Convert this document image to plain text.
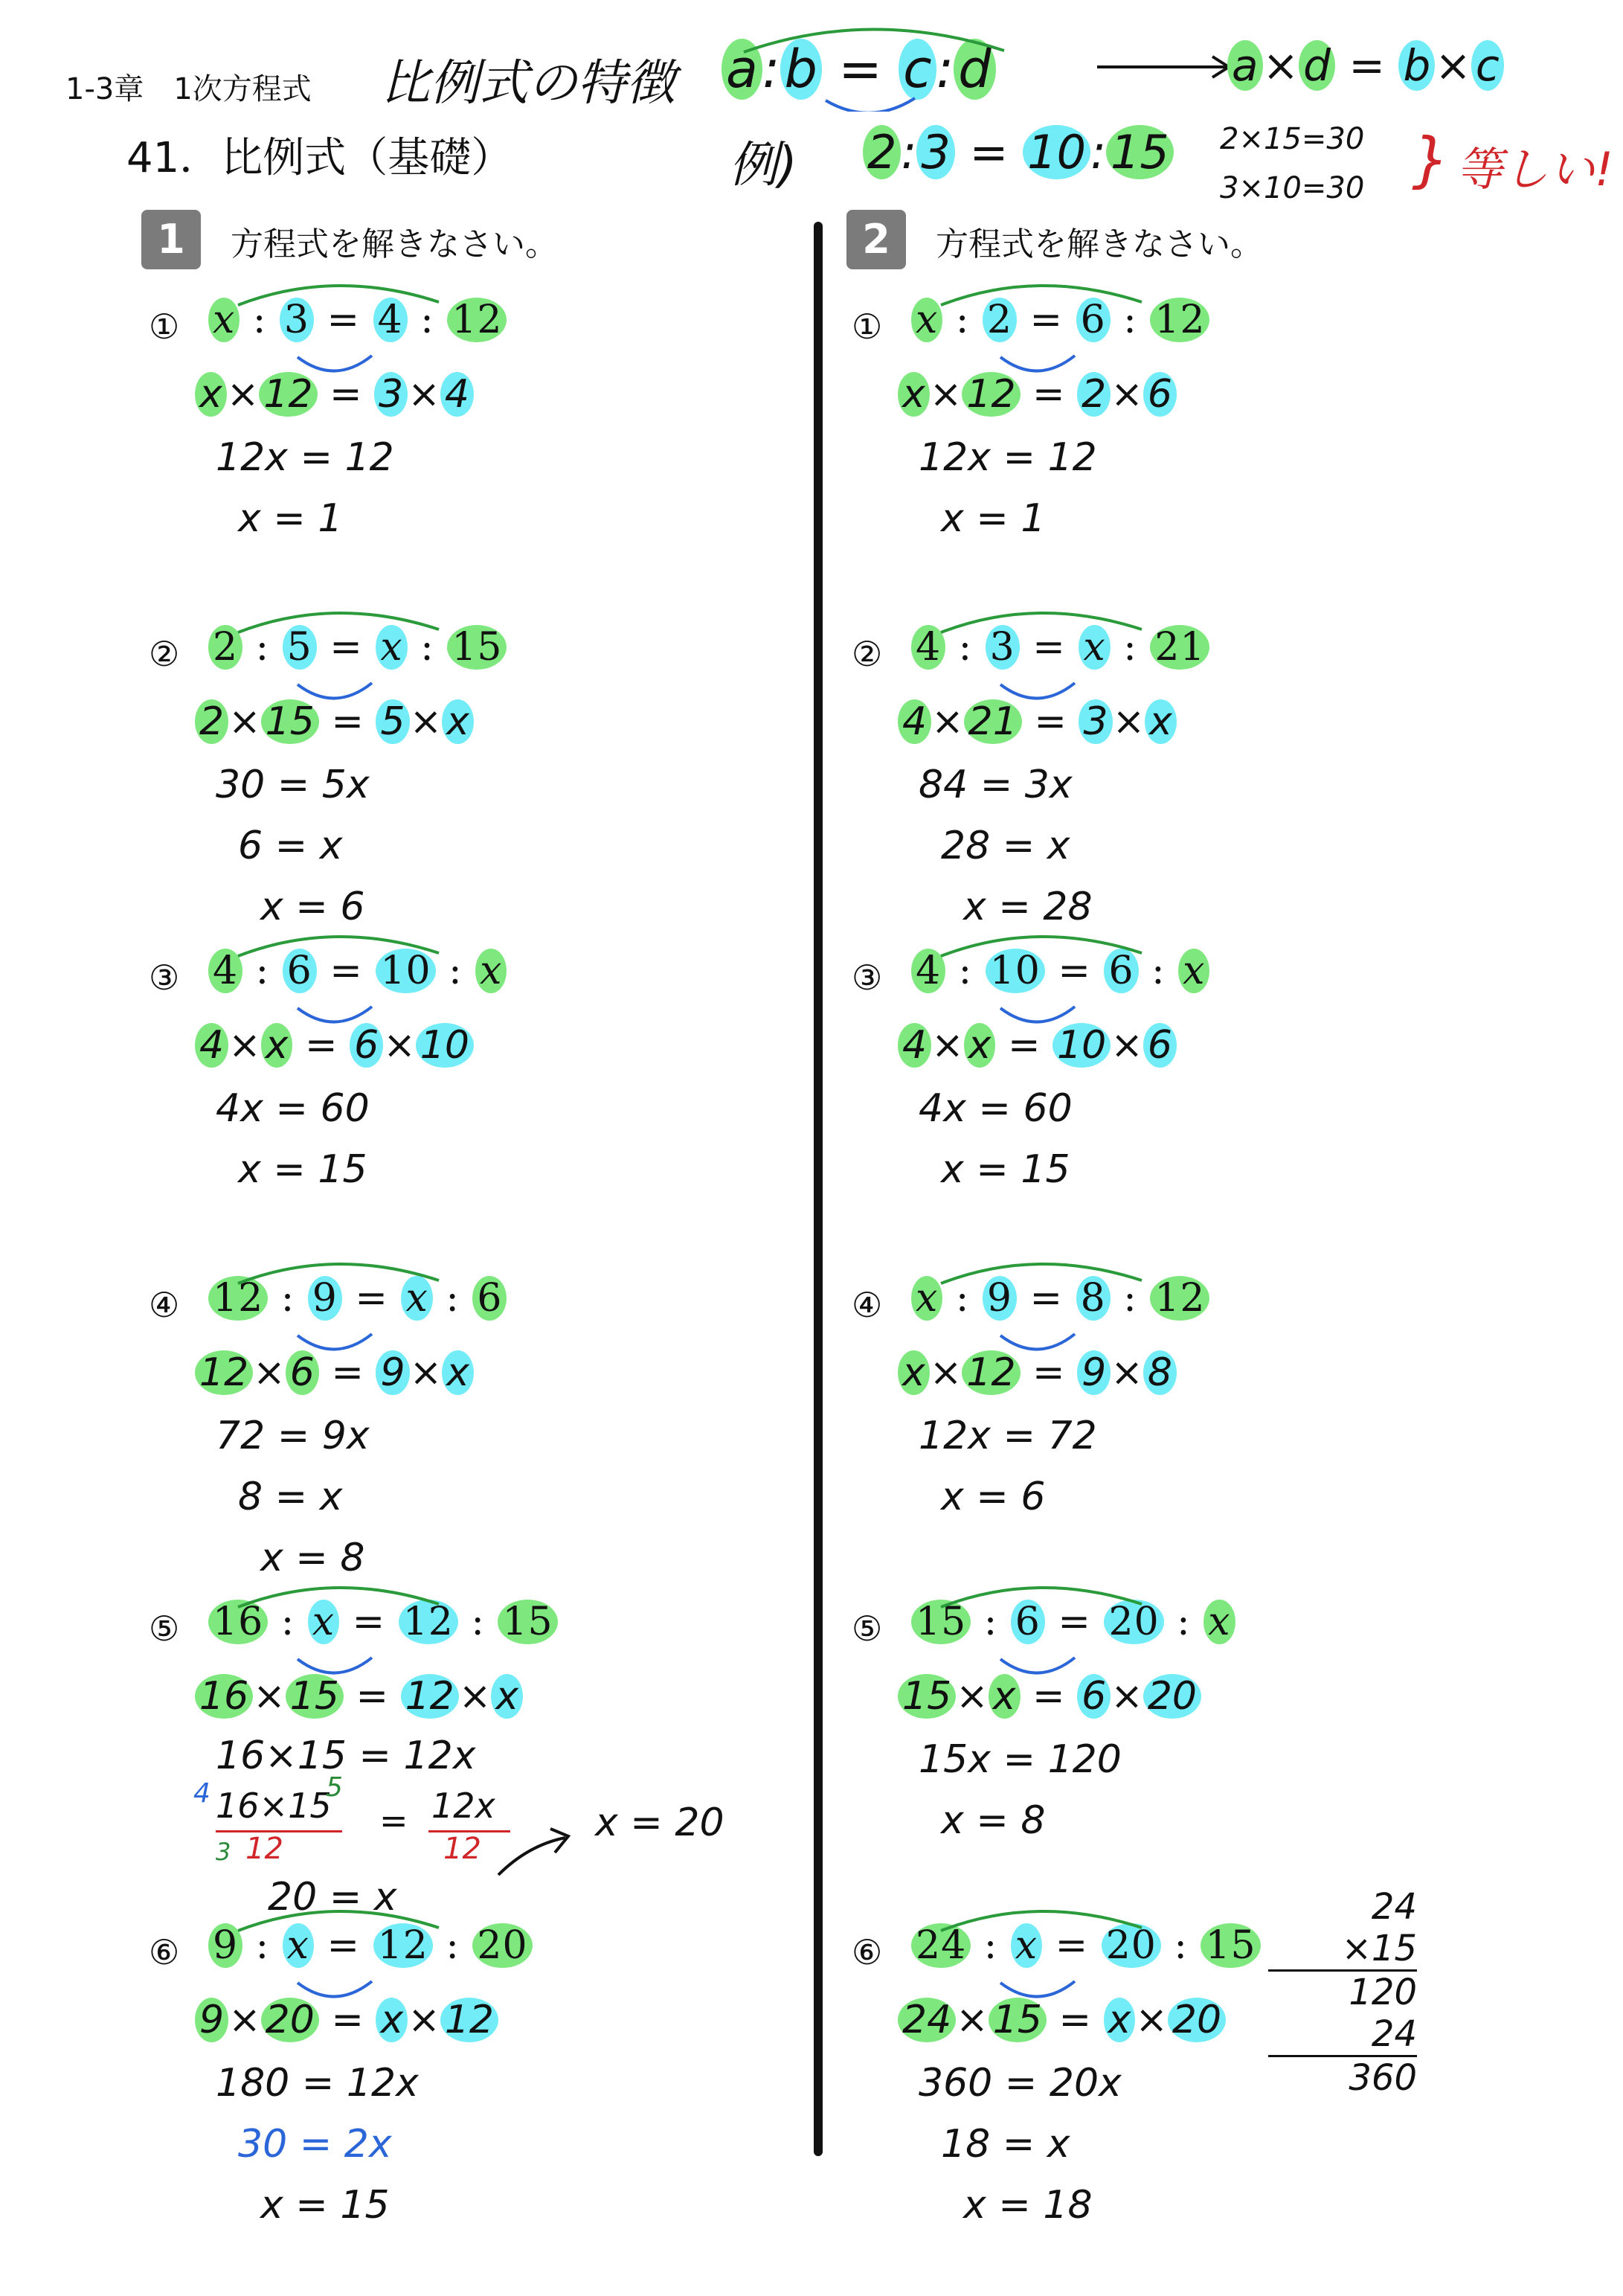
1-3章　1次方程式 比例式の特徴 a:b = c:d	a × d = b × c
41．比例式（基礎）	例) 2:3 = 10:15 2×15=30
3×10=30 } 等しい!
1	方程式を解きなさい。	2	方程式を解きなさい。
① x : 3 = 4 : 12
x × 12 = 3 × 4
12x = 12
x = 1
② 2 : 5 = x : 15
2 × 15 = 5 × x
30 = 5x
6 = x
x = 6
③ 4 : 6 = 10 : x
4 × x = 6 × 10
4x = 60
x = 15
④ 12 : 9 = x : 6
12 × 6 = 9 × x
72 = 9x
8 = x
x = 8
⑤ 16 : x = 12 : 15
16 × 15 = 12 × x
16×15 = 12x
4 16×15
5
3 12
= 12x
12
20 = x
x = 20
⑥ 9 : x = 12 : 20
9 × 20 = x × 12
180 = 12x
30 = 2x
x = 15
① x : 2 = 6 : 12
x × 12 = 2 × 6
12x = 12
x = 1
② 4 : 3 = x : 21
4 × 21 = 3 × x
84 = 3x
28 = x
x = 28
③ 4 : 10 = 6 : x
4 × x = 10 × 6
4x = 60
x = 15
④ x : 9 = 8 : 12
x × 12 = 9 × 8
12x = 72
x = 6
⑤ 15 : 6 = 20 : x
15 × x = 6 × 20
15x = 120
x = 8
⑥ 24 : x = 20 : 15
24 × 15 = x × 20
360 = 20x
18 = x
x = 18
24
×15
120
24
360
